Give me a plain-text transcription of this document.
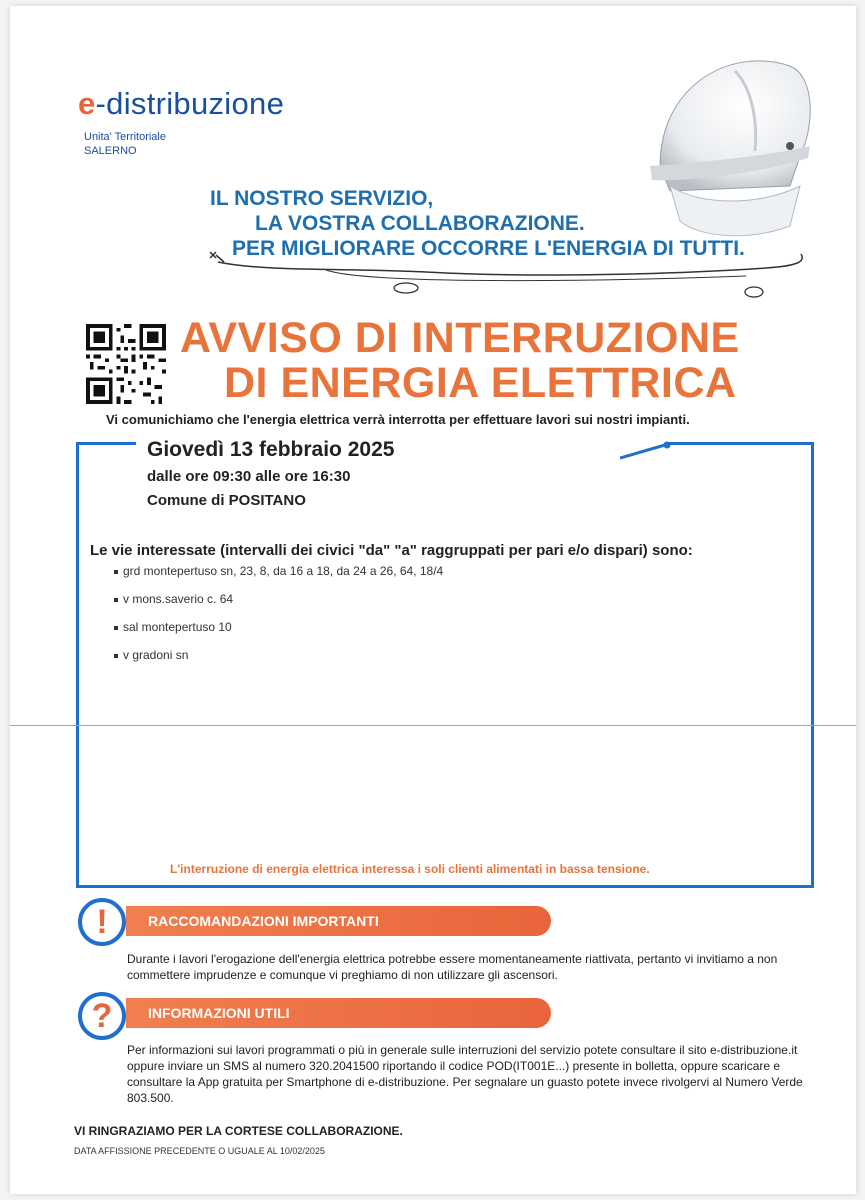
e-distribuzione
Unita' Territoriale
SALERNO
IL NOSTRO SERVIZIO,
LA VOSTRA COLLABORAZIONE.
PER MIGLIORARE OCCORRE L'ENERGIA DI TUTTI.
AVVISO DI INTERRUZIONE
DI ENERGIA ELETTRICA
Vi comunichiamo che l'energia elettrica verrà interrotta per effettuare lavori sui nostri impianti.
Giovedì 13 febbraio 2025
dalle ore 09:30 alle ore 16:30
Comune di POSITANO
Le vie interessate (intervalli dei civici "da" "a" raggruppati per pari e/o dispari) sono:
grd montepertuso sn, 23, 8, da 16 a 18, da 24 a 26, 64, 18/4
v mons.saverio c. 64
sal montepertuso 10
v gradoni sn
L'interruzione di energia elettrica interessa i soli clienti alimentati in bassa tensione.
!	RACCOMANDAZIONI IMPORTANTI
Durante i lavori l'erogazione dell'energia elettrica potrebbe essere momentaneamente riattivata, pertanto vi invitiamo a non commettere imprudenze e comunque vi preghiamo di non utilizzare gli ascensori.
?	INFORMAZIONI UTILI
Per informazioni sui lavori programmati o più in generale sulle interruzioni del servizio potete consultare il sito e-distribuzione.it oppure inviare un SMS al numero 320.2041500 riportando il codice POD(IT001E...) presente in bolletta, oppure scaricare e consultare la App gratuita per Smartphone di e-distribuzione. Per segnalare un guasto potete invece rivolgervi al Numero Verde 803.500.
VI RINGRAZIAMO PER LA CORTESE COLLABORAZIONE.
DATA AFFISSIONE PRECEDENTE O UGUALE AL 10/02/2025
